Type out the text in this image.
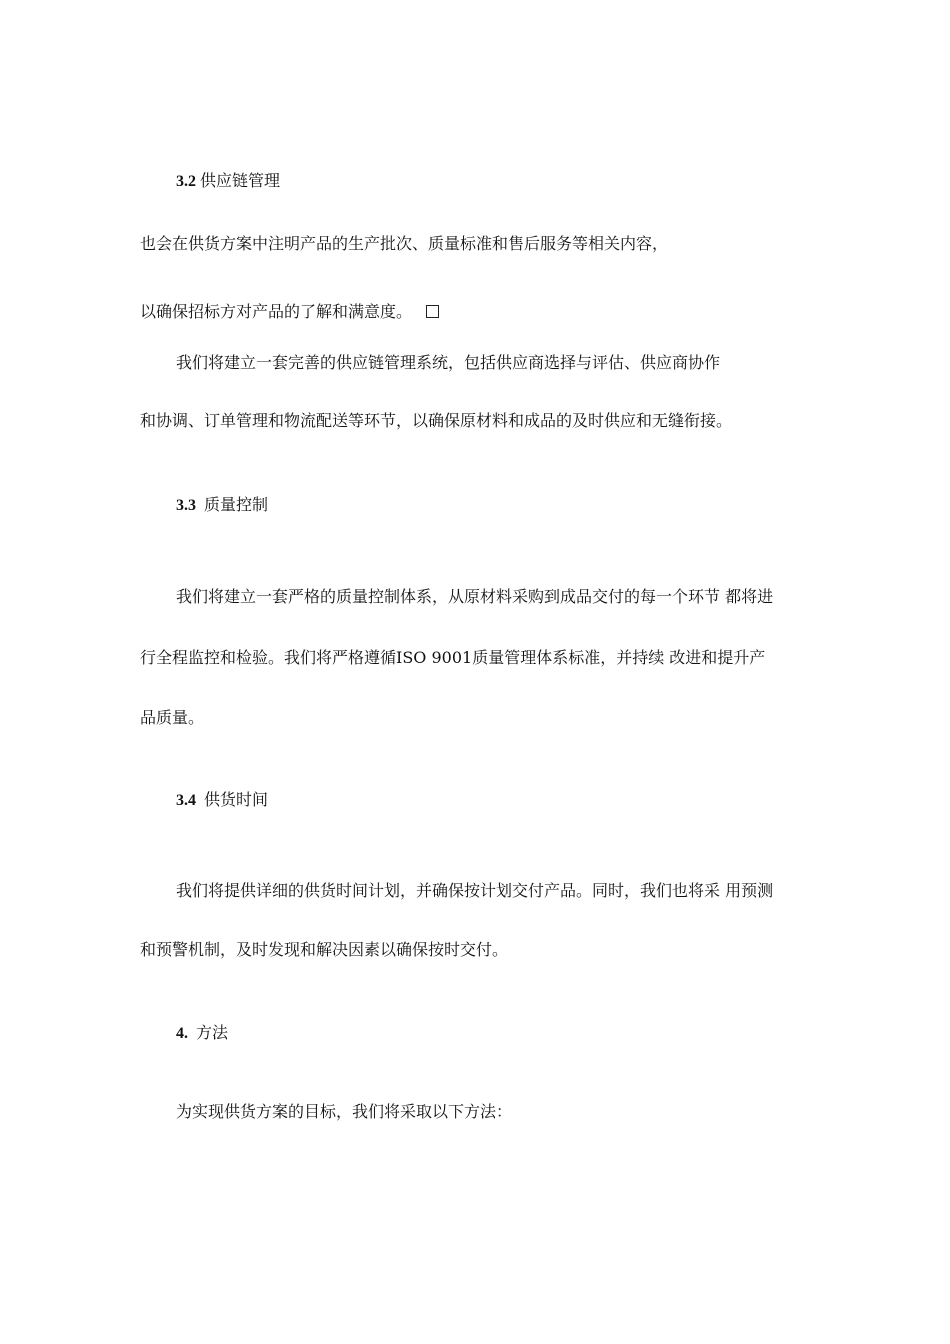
3.2 供应链管理
也会在供货方案中注明产品的生产批次、质量标准和售后服务等相关内容，
以确保招标方对产品的了解和满意度。
我们将建立一套完善的供应链管理系统，包括供应商选择与评估、供应商协作
和协调、订单管理和物流配送等环节，以确保原材料和成品的及时供应和无缝衔接。
3.3 质量控制
我们将建立一套严格的质量控制体系，从原材料采购到成品交付的每一个环节 都将进
行全程监控和检验。我们将严格遵循ISO 9001质量管理体系标准，并持续 改进和提升产
品质量。
3.4 供货时间
我们将提供详细的供货时间计划，并确保按计划交付产品。同时，我们也将采 用预测
和预警机制，及时发现和解决因素以确保按时交付。
4. 方法
为实现供货方案的目标，我们将采取以下方法：
